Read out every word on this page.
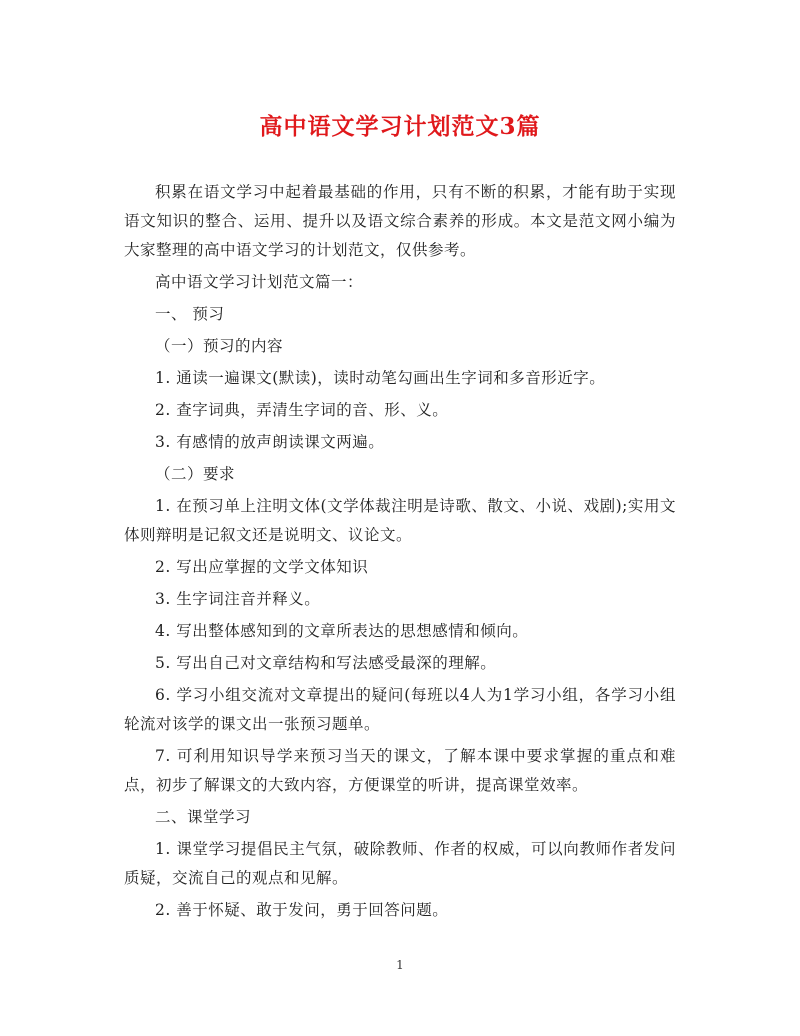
高中语文学习计划范文3篇

积累在语文学习中起着最基础的作用，只有不断的积累，才能有助于实现语文知识的整合、运用、提升以及语文综合素养的形成。本文是范文网小编为大家整理的高中语文学习的计划范文，仅供参考。

高中语文学习计划范文篇一：

一、 预习

（一）预习的内容

1. 通读一遍课文(默读)，读时动笔勾画出生字词和多音形近字。

2. 查字词典，弄清生字词的音、形、义。

3. 有感情的放声朗读课文两遍。

（二）要求

1. 在预习单上注明文体(文学体裁注明是诗歌、散文、小说、戏剧);实用文体则辩明是记叙文还是说明文、议论文。

2. 写出应掌握的文学文体知识

3. 生字词注音并释义。

4. 写出整体感知到的文章所表达的思想感情和倾向。

5. 写出自己对文章结构和写法感受最深的理解。

6. 学习小组交流对文章提出的疑问(每班以4人为1学习小组，各学习小组轮流对该学的课文出一张预习题单。

7. 可利用知识导学来预习当天的课文，了解本课中要求掌握的重点和难点，初步了解课文的大致内容，方便课堂的听讲，提高课堂效率。

二、课堂学习

1. 课堂学习提倡民主气氛，破除教师、作者的权威，可以向教师作者发问质疑，交流自己的观点和见解。

2. 善于怀疑、敢于发问，勇于回答问题。

1
